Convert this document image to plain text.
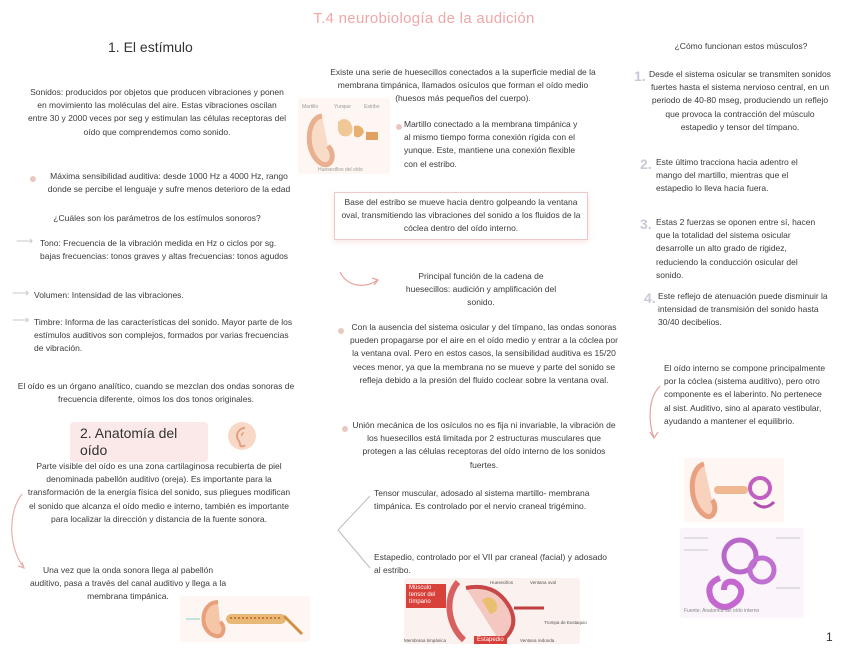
T.4 neurobiología de la audición
1. El estímulo
Sonidos: producidos por objetos que producen vibraciones y ponen en movimiento las moléculas del aire. Estas vibraciones oscilan entre 30 y 2000 veces por seg y estimulan las células receptoras del oído que comprendemos como sonido.
Máxima sensibilidad auditiva: desde 1000 Hz a 4000 Hz, rango donde se percibe el lenguaje y sufre menos deterioro de la edad
¿Cuáles son los parámetros de los estímulos sonoros?
⟶ Tono: Frecuencia de la vibración medida en Hz o ciclos por sg. bajas frecuencias: tonos graves y altas frecuencias: tonos agudos
⟶ Volumen: Intensidad de las vibraciones.
⟶ Timbre: Informa de las características del sonido. Mayor parte de los estímulos auditivos son complejos, formados por varias frecuencias de vibración.
El oído es un órgano analítico, cuando se mezclan dos ondas sonoras de frecuencia diferente, oímos los dos tonos originales.
2. Anatomía del oído
Parte visible del oído es una zona cartilaginosa recubierta de piel denominada pabellón auditivo (oreja). Es importante para la transformación de la energía física del sonido, sus pliegues modifican el sonido que alcanza el oído medio e interno, también es importante para localizar la dirección y distancia de la fuente sonora.
Una vez que la onda sonora llega al pabellón auditivo, pasa a través del canal auditivo y llega a la membrana timpánica.
Existe una serie de huesecillos conectados a la superficie medial de la membrana timpánica, llamados osículos que forman el oído medio (huesos más pequeños del cuerpo).
Martillo	Yunque	Estribo
Huesecillos del oído
Martillo conectado a la membrana timpánica y al mismo tiempo forma conexión rígida con el yunque. Este, mantiene una conexión flexible con el estribo.
Base del estribo se mueve hacia dentro golpeando la ventana oval, transmitiendo las vibraciones del sonido a los fluidos de la cóclea dentro del oído interno.
Principal función de la cadena de huesecillos: audición y amplificación del sonido.
Con la ausencia del sistema osicular y del tímpano, las ondas sonoras pueden propagarse por el aire en el oído medio y entrar a la cóclea por la ventana oval. Pero en estos casos, la sensibilidad auditiva es 15/20 veces menor, ya que la membrana no se mueve y parte del sonido se refleja debido a la presión del fluido coclear sobre la ventana oval.
Unión mecánica de los osículos no es fija ni invariable, la vibración de los huesecillos está limitada por 2 estructuras musculares que protegen a las células receptoras del oído interno de los sonidos fuertes.
Tensor muscular, adosado al sistema martillo- membrana timpánica. Es controlado por el nervio craneal trigémino.
Estapedio, controlado por el VII par craneal (facial) y adosado al estribo.
Huesecillos	Ventana oval
Trompa de Eustaquio
Membrana timpánica	Ventana redonda
Músculo tensor del tímpano
Estapedio
¿Cómo funcionan estos músculos?
1. Desde el sistema osicular se transmiten sonidos fuertes hasta el sistema nervioso central, en un periodo de 40-80 mseg, produciendo un reflejo que provoca la contracción del músculo estapedio y tensor del tímpano.
2. Este último tracciona hacia adentro el mango del martillo, mientras que el estapedio lo lleva hacia fuera.
3. Estas 2 fuerzas se oponen entre sí, hacen que la totalidad del sistema osicular desarrolle un alto grado de rigidez, reduciendo la conducción osicular del sonido.
4. Este reflejo de atenuación puede disminuir la intensidad de transmisión del sonido hasta 30/40 decibelios.
El oído interno se compone principalmente por la cóclea (sistema auditivo), pero otro componente es el laberinto. No pertenece al sist. Auditivo, sino al aparato vestibular, ayudando a mantener el equilibrio.
Fuente: Anatomía del oído interno
1
